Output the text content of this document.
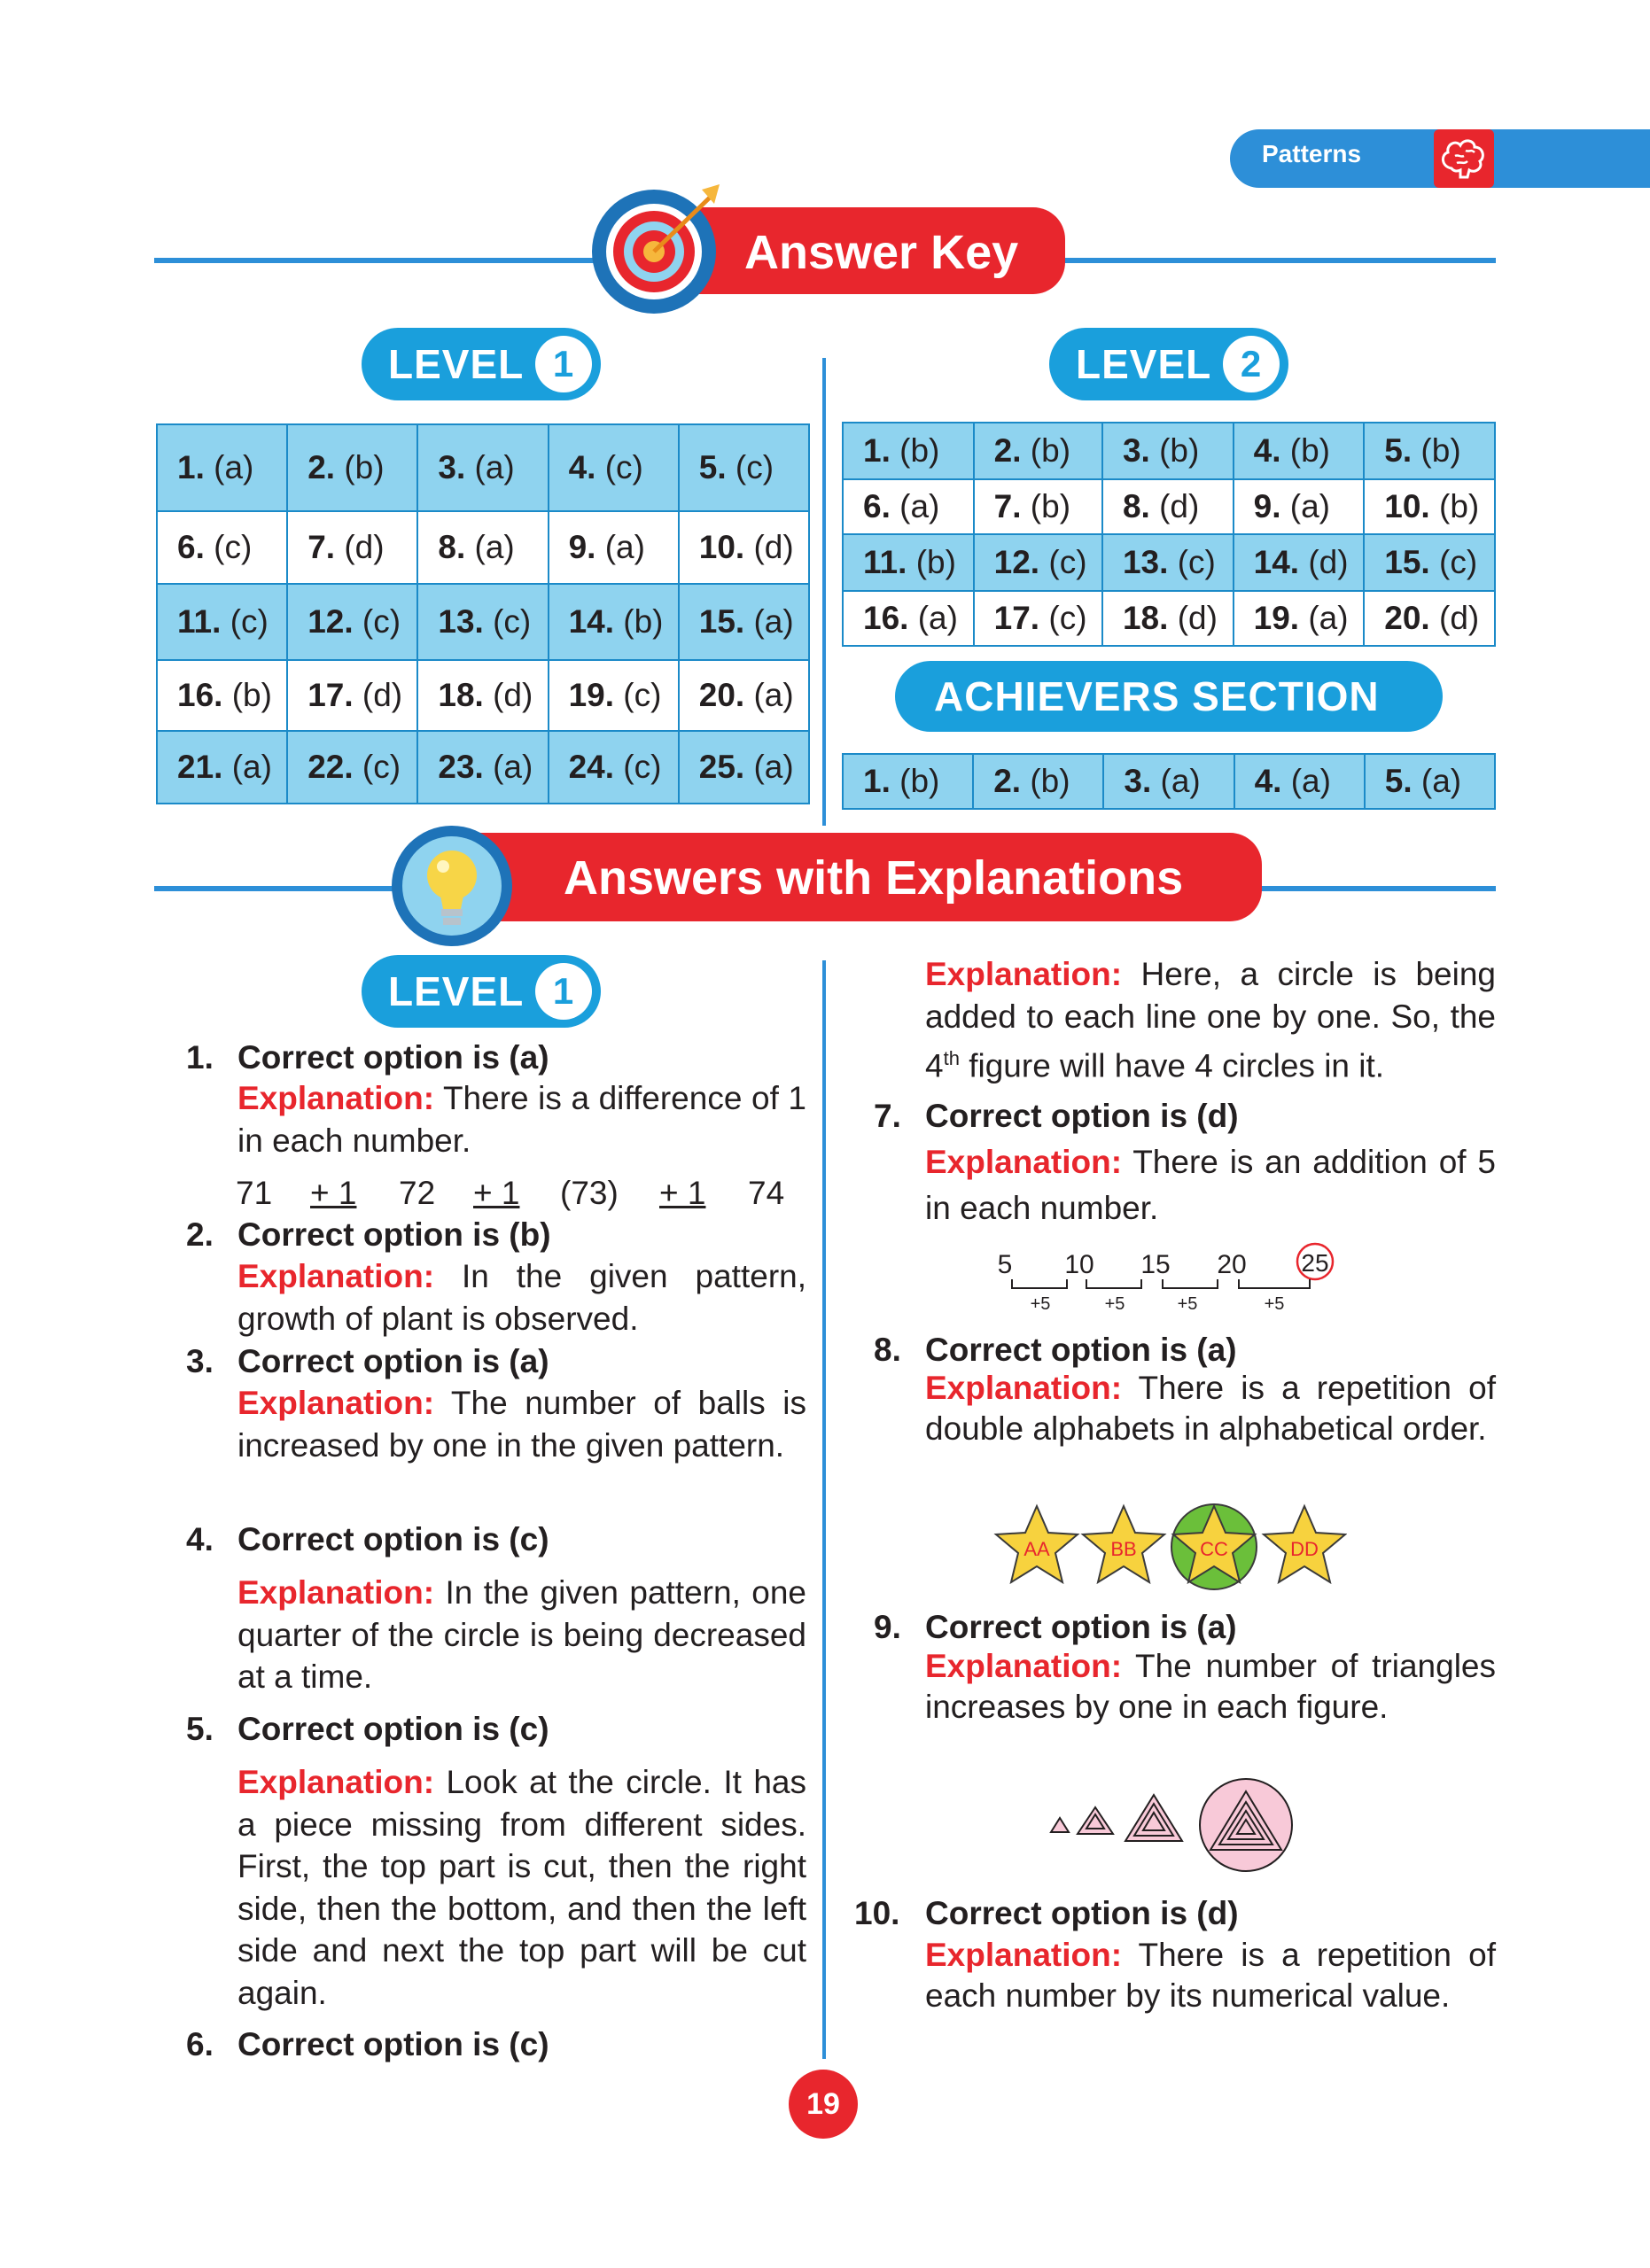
Patterns
Answer Key
LEVEL 1	LEVEL 2
1. (a)	2. (b)	3. (a)	4. (c)	5. (c)
6. (c)	7. (d)	8. (a)	9. (a)	10. (d)
11. (c)	12. (c)	13. (c)	14. (b)	15. (a)
16. (b)	17. (d)	18. (d)	19. (c)	20. (a)
21. (a)	22. (c)	23. (a)	24. (c)	25. (a)
1. (b)	2. (b)	3. (b)	4. (b)	5. (b)
6. (a)	7. (b)	8. (d)	9. (a)	10. (b)
11. (b)	12. (c)	13. (c)	14. (d)	15. (c)
16. (a)	17. (c)	18. (d)	19. (a)	20. (d)
ACHIEVERS SECTION
1. (b)	2. (b)	3. (a)	4. (a)	5. (a)
Answers with Explanations
LEVEL 1
1. Correct option is (a)
Explanation: There is a difference of 1 in each number.
71 + 1 72 + 1 (73) + 1 74
2. Correct option is (b)
Explanation: In the given pattern, growth of plant is observed.
3. Correct option is (a)
Explanation: The number of balls is increased by one in the given pattern.
4. Correct option is (c)
Explanation: In the given pattern, one quarter of the circle is being decreased at a time.
5. Correct option is (c)
Explanation: Look at the circle. It has a piece missing from different sides. First, the top part is cut, then the right side, then the bottom, and then the left side and next the top part will be cut again.
6. Correct option is (c)
Explanation: Here, a circle is being added to each line one by one. So, the 4th figure will have 4 circles in it.
7. Correct option is (d)
Explanation: There is an addition of 5 in each number.
5 10 15 20 25
+5	+5	+5	+5
8. Correct option is (a)
Explanation: There is a repetition of double alphabets in alphabetical order.
AA	BB	CC	DD
9. Correct option is (a)
Explanation: The number of triangles increases by one in each figure.
10. Correct option is (d)
Explanation: There is a repetition of each number by its numerical value.
19
